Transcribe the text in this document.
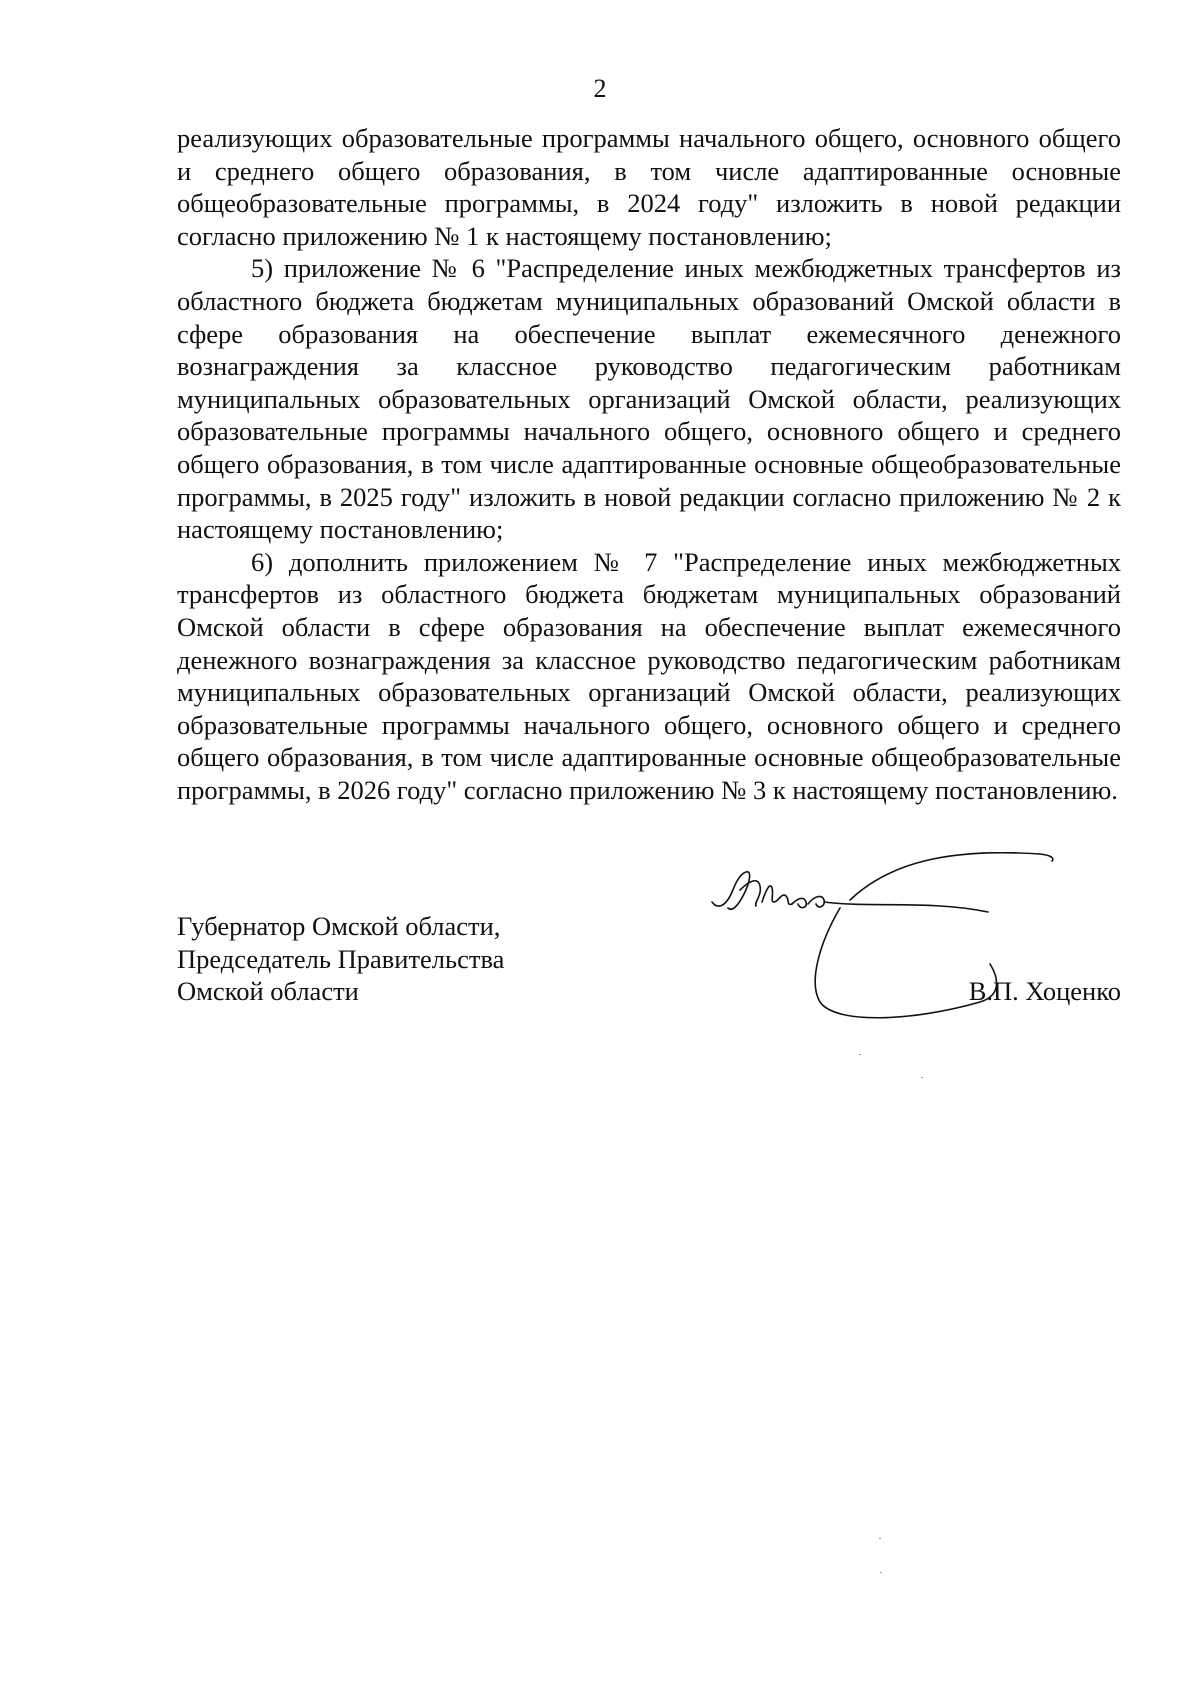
2

реализующих образовательные программы начального общего, основного общего и среднего общего образования, в том числе адаптированные основные общеобразовательные программы, в 2024 году" изложить в новой редакции согласно приложению № 1 к настоящему постановлению;

5) приложение № 6 "Распределение иных межбюджетных трансфертов из областного бюджета бюджетам муниципальных образований Омской области в сфере образования на обеспечение выплат ежемесячного денежного вознаграждения за классное руководство педагогическим работникам муниципальных образовательных организаций Омской области, реализующих образовательные программы начального общего, основного общего и среднего общего образования, в том числе адаптированные основные общеобразовательные программы, в 2025 году" изложить в новой редакции согласно приложению № 2 к настоящему постановлению;

6) дополнить приложением № 7 "Распределение иных межбюджетных трансфертов из областного бюджета бюджетам муниципальных образований Омской области в сфере образования на обеспечение выплат ежемесячного денежного вознаграждения за классное руководство педагогическим работникам муниципальных образовательных организаций Омской области, реализующих образовательные программы начального общего, основного общего и среднего общего образования, в том числе адаптированные основные общеобразовательные программы, в 2026 году" согласно приложению № 3 к настоящему постановлению.

Губернатор Омской области,
Председатель Правительства
Омской области	В.П. Хоценко
